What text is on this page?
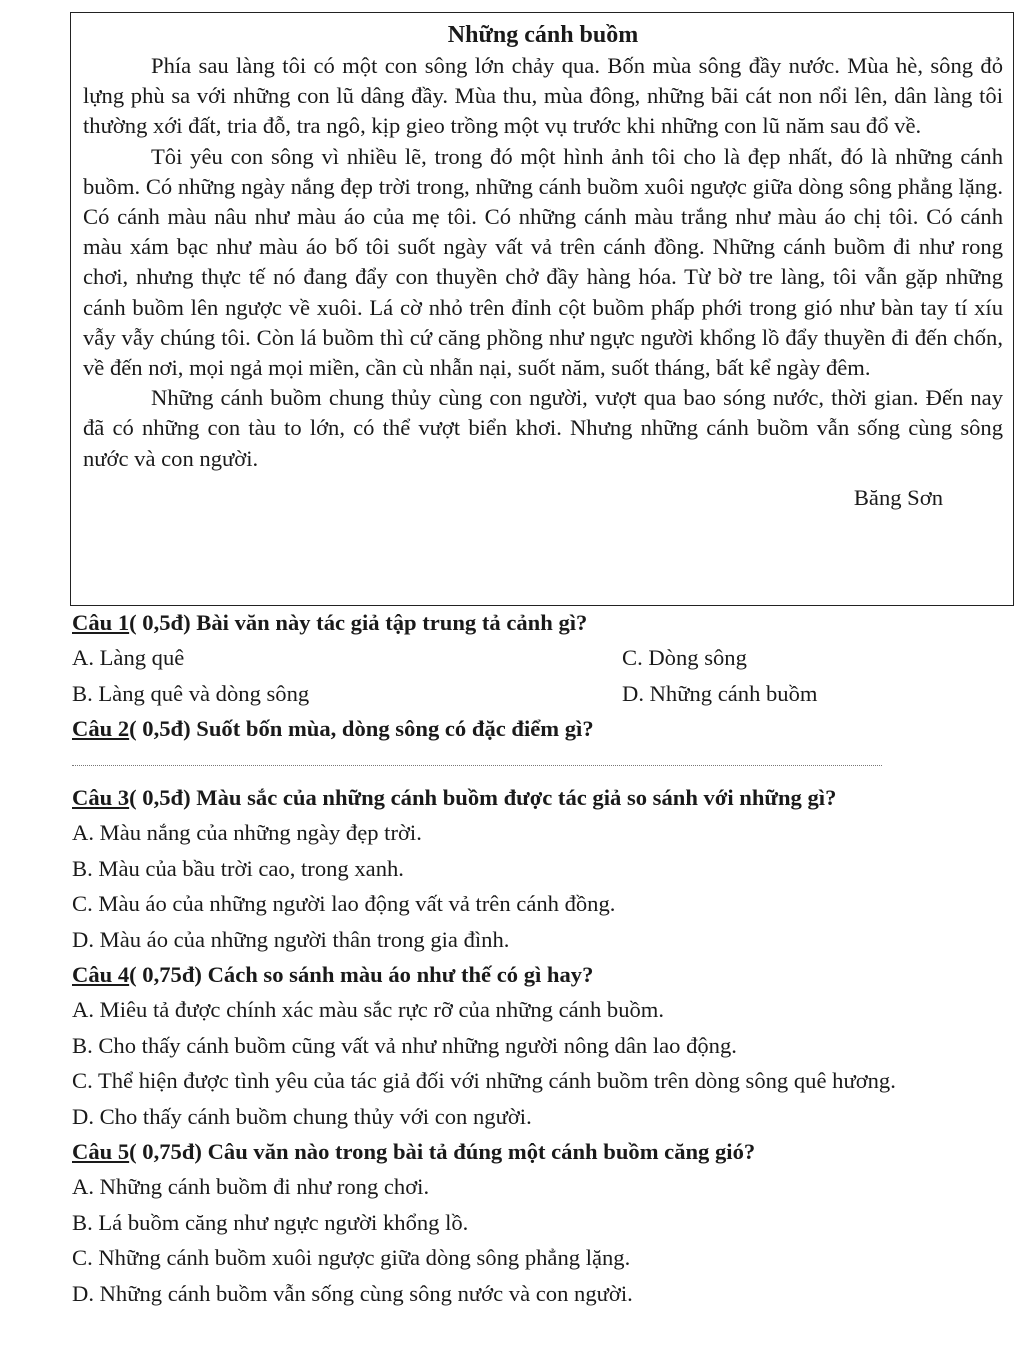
Những cánh buồm

Phía sau làng tôi có một con sông lớn chảy qua. Bốn mùa sông đầy nước. Mùa hè, sông đỏ lựng phù sa với những con lũ dâng đầy. Mùa thu, mùa đông, những bãi cát non nổi lên, dân làng tôi thường xới đất, tria đỗ, tra ngô, kịp gieo trồng một vụ trước khi những con lũ năm sau đổ về.

Tôi yêu con sông vì nhiều lẽ, trong đó một hình ảnh tôi cho là đẹp nhất, đó là những cánh buồm. Có những ngày nắng đẹp trời trong, những cánh buồm xuôi ngược giữa dòng sông phẳng lặng. Có cánh màu nâu như màu áo của mẹ tôi. Có những cánh màu trắng như màu áo chị tôi. Có cánh màu xám bạc như màu áo bố tôi suốt ngày vất vả trên cánh đồng. Những cánh buồm đi như rong chơi, nhưng thực tế nó đang đẩy con thuyền chở đầy hàng hóa. Từ bờ tre làng, tôi vẫn gặp những cánh buồm lên ngược về xuôi. Lá cờ nhỏ trên đỉnh cột buồm phấp phới trong gió như bàn tay tí xíu vẫy vẫy chúng tôi. Còn lá buồm thì cứ căng phồng như ngực người khổng lồ đẩy thuyền đi đến chốn, về đến nơi, mọi ngả mọi miền, cần cù nhẫn nại, suốt năm, suốt tháng, bất kể ngày đêm.

Những cánh buồm chung thủy cùng con người, vượt qua bao sóng nước, thời gian. Đến nay đã có những con tàu to lớn, có thể vượt biển khơi. Nhưng những cánh buồm vẫn sống cùng sông nước và con người.

Băng Sơn

Câu 1( 0,5đ) Bài văn này tác giả tập trung tả cảnh gì?

A. Làng quê	C. Dòng sông

B. Làng quê và dòng sông	D. Những cánh buồm

Câu 2( 0,5đ) Suốt bốn mùa, dòng sông có đặc điểm gì?

Câu 3( 0,5đ) Màu sắc của những cánh buồm được tác giả so sánh với những gì?

A. Màu nắng của những ngày đẹp trời.

B. Màu của bầu trời cao, trong xanh.

C. Màu áo của những người lao động vất vả trên cánh đồng.

D. Màu áo của những người thân trong gia đình.

Câu 4( 0,75đ) Cách so sánh màu áo như thế có gì hay?

A. Miêu tả được chính xác màu sắc rực rỡ của những cánh buồm.

B. Cho thấy cánh buồm cũng vất vả như những người nông dân lao động.

C. Thể hiện được tình yêu của tác giả đối với những cánh buồm trên dòng sông quê hương.

D. Cho thấy cánh buồm chung thủy với con người.

Câu 5( 0,75đ) Câu văn nào trong bài tả đúng một cánh buồm căng gió?

A. Những cánh buồm đi như rong chơi.

B. Lá buồm căng như ngực người khổng lồ.

C. Những cánh buồm xuôi ngược giữa dòng sông phẳng lặng.

D. Những cánh buồm vẫn sống cùng sông nước và con người.
